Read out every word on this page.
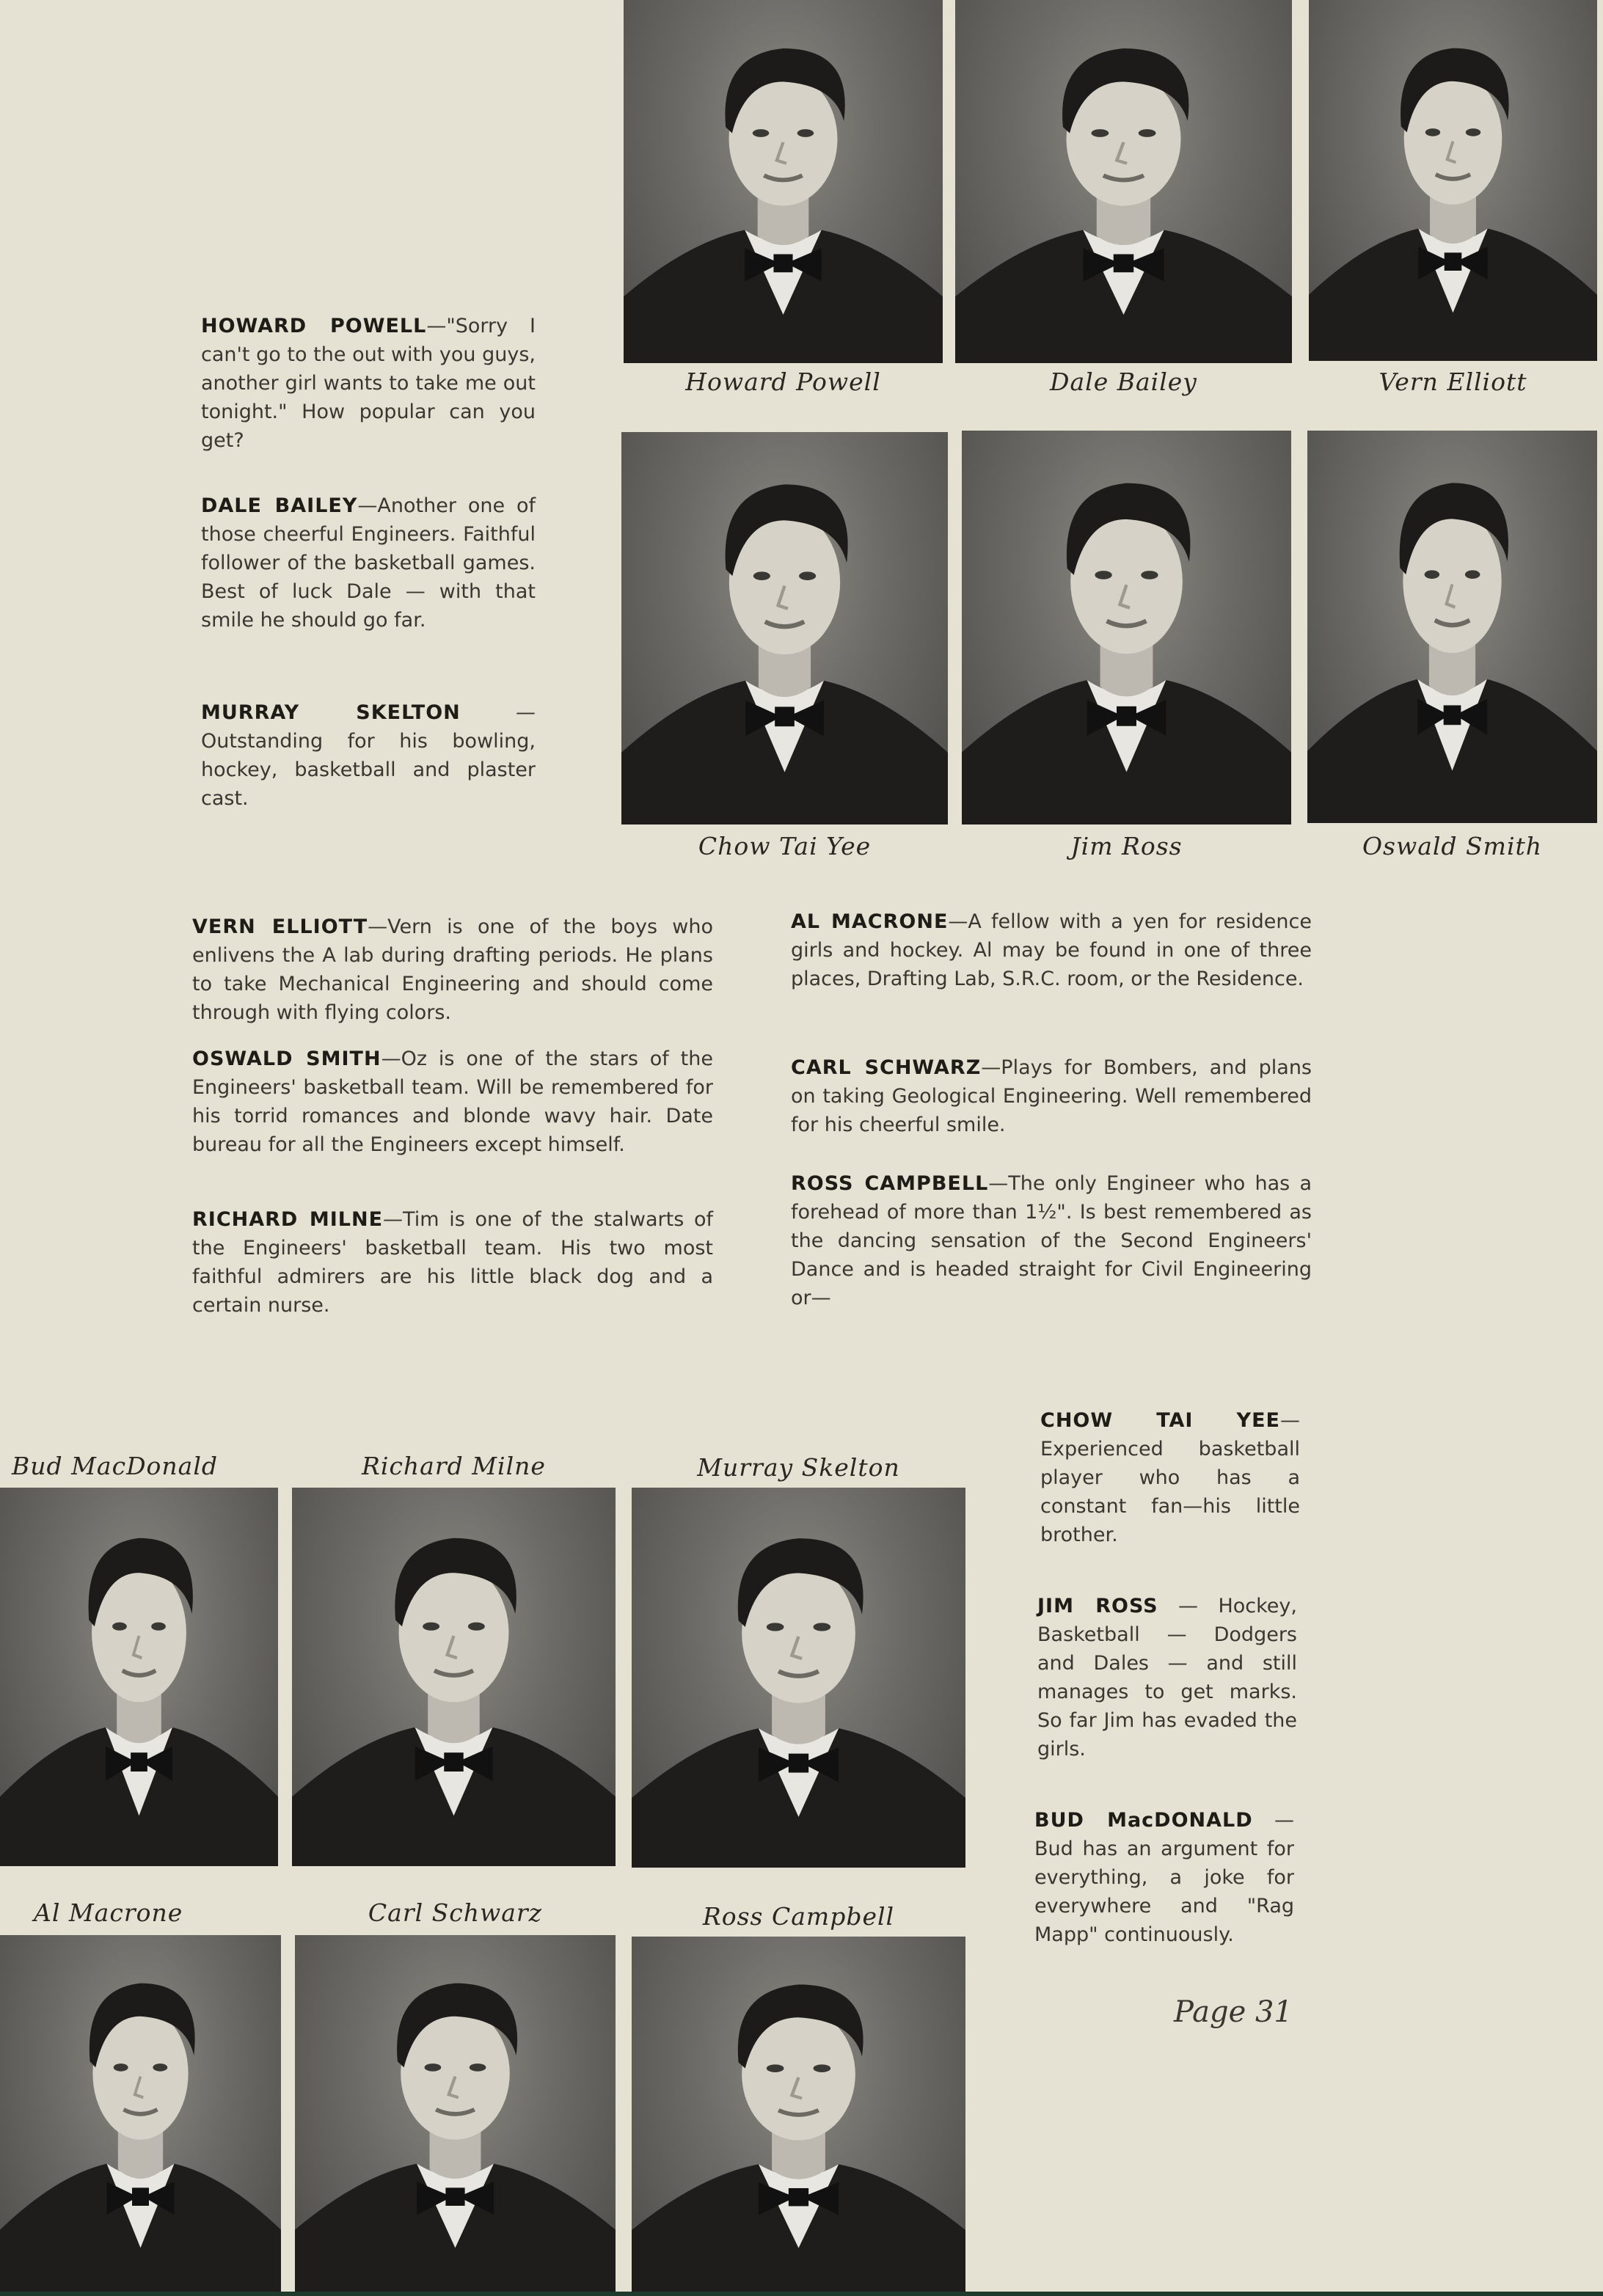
Howard Powell	Dale Bailey	Vern Elliott
Chow Tai Yee	Jim Ross	Oswald Smith

HOWARD POWELL—"Sorry I can't go to the out with you guys, another girl wants to take me out tonight." How popular can you get?

DALE BAILEY—Another one of those cheerful Engineers. Faithful follower of the basketball games. Best of luck Dale — with that smile he should go far.

MURRAY SKELTON — Outstanding for his bowling, hockey, basketball and plaster cast.

VERN ELLIOTT—Vern is one of the boys who enlivens the A lab during drafting periods. He plans to take Mechanical Engineering and should come through with flying colors.

OSWALD SMITH—Oz is one of the stars of the Engineers' basketball team. Will be remembered for his torrid romances and blonde wavy hair. Date bureau for all the Engineers except himself.

RICHARD MILNE—Tim is one of the stalwarts of the Engineers' basketball team. His two most faithful admirers are his little black dog and a certain nurse.

AL MACRONE—A fellow with a yen for residence girls and hockey. Al may be found in one of three places, Drafting Lab, S.R.C. room, or the Residence.

CARL SCHWARZ—Plays for Bombers, and plans on taking Geological Engineering. Well remembered for his cheerful smile.

ROSS CAMPBELL—The only Engineer who has a forehead of more than 1½". Is best remembered as the dancing sensation of the Second Engineers' Dance and is headed straight for Civil Engineering or—

Bud MacDonald	Richard Milne	Murray Skelton
Al Macrone	Carl Schwarz	Ross Campbell

CHOW TAI YEE—Experienced basketball player who has a constant fan—his little brother.

JIM ROSS — Hockey, Basketball — Dodgers and Dales — and still manages to get marks. So far Jim has evaded the girls.

BUD MacDONALD — Bud has an argument for everything, a joke for everywhere and "Rag Mapp" continuously.

Page 31
